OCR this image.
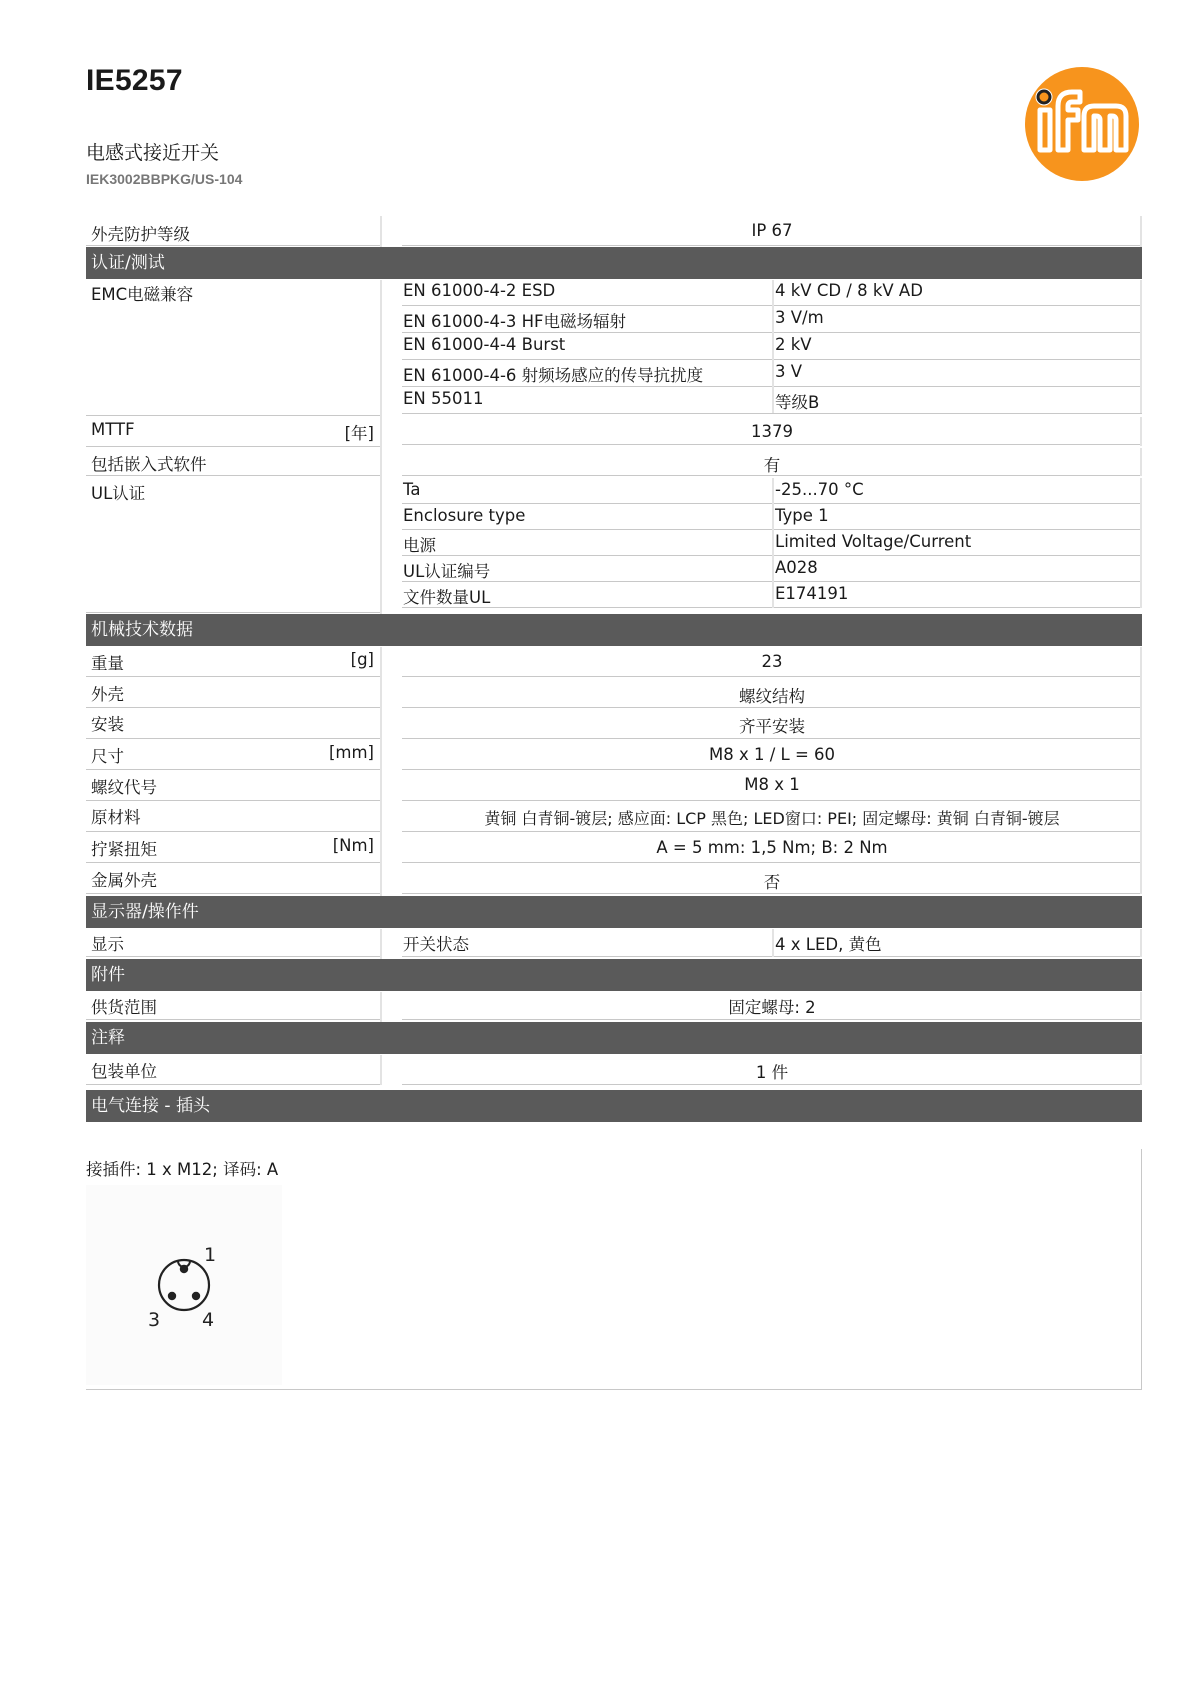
IE5257
电感式接近开关
IEK3002BBPKG/US-104
外壳防护等级	IP 67
认证/测试
EMC电磁兼容	EN 61000-4-2 ESD	4 kV CD / 8 kV AD
EN 61000-4-3 HF电磁场辐射	3 V/m
EN 61000-4-4 Burst	2 kV
EN 61000-4-6 射频场感应的传导抗扰度	3 V
EN 55011	等级B
MTTF	[年]	1379
包括嵌入式软件	有
UL认证	Ta	-25...70 °C
Enclosure type	Type 1
电源	Limited Voltage/Current
UL认证编号	A028
文件数量UL	E174191
机械技术数据
重量	[g]	23
外壳	螺纹结构
安装	齐平安装
尺寸	[mm]	M8 x 1 / L = 60
螺纹代号	M8 x 1
原材料	黄铜 白青铜-镀层; 感应面: LCP 黑色; LED窗口: PEI; 固定螺母: 黄铜 白青铜-镀层
拧紧扭矩	[Nm]	A = 5 mm: 1,5 Nm; B: 2 Nm
金属外壳	否
显示器/操作件
显示	开关状态	4 x LED, 黄色
附件
供货范围	固定螺母: 2
注释
包装单位	1 件
电气连接 - 插头
接插件: 1 x M12; 译码: A
1
3 4
